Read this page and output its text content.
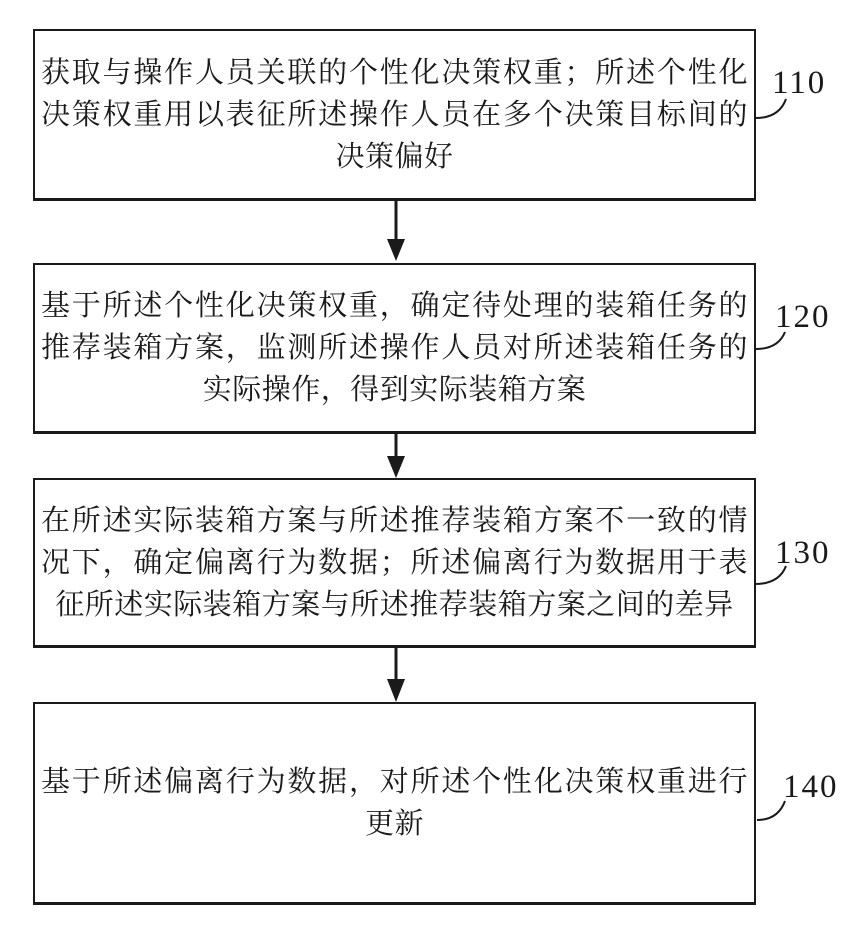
获取与操作人员关联的个性化决策权重；所述个性化决策权重用以表征所述操作人员在多个决策目标间的决策偏好

110

基于所述个性化决策权重，确定待处理的装箱任务的推荐装箱方案，监测所述操作人员对所述装箱任务的实际操作，得到实际装箱方案

120

在所述实际装箱方案与所述推荐装箱方案不一致的情况下，确定偏离行为数据；所述偏离行为数据用于表征所述实际装箱方案与所述推荐装箱方案之间的差异

130

基于所述偏离行为数据，对所述个性化决策权重进行更新

140
